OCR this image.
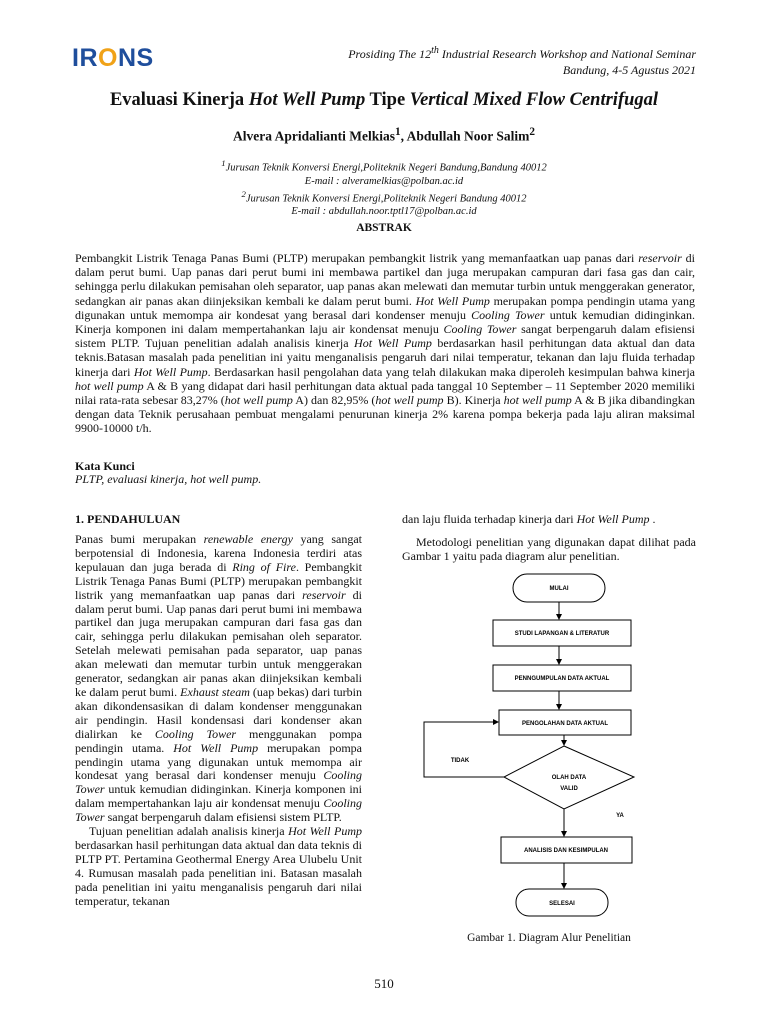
IRONS	Prosiding The 12th Industrial Research Workshop and National Seminar
Bandung, 4-5 Agustus 2021
Evaluasi Kinerja Hot Well Pump Tipe Vertical Mixed Flow Centrifugal
Alvera Apridalianti Melkias$^1$, Abdullah Noor Salim$^2$
$^1$Jurusan Teknik Konversi Energi,Politeknik Negeri Bandung,Bandung 40012
E-mail : alveramelkias@polban.ac.id
$^2$Jurusan Teknik Konversi Energi,Politeknik Negeri Bandung 40012
E-mail : abdullah.noor.tptl17@polban.ac.id
ABSTRAK

Pembangkit Listrik Tenaga Panas Bumi (PLTP) merupakan pembangkit listrik yang memanfaatkan uap panas dari reservoir di dalam perut bumi. Uap panas dari perut bumi ini membawa partikel dan juga merupakan campuran dari fasa gas dan cair, sehingga perlu dilakukan pemisahan oleh separator, uap panas akan melewati dan memutar turbin untuk menggerakan generator, sedangkan air panas akan diinjeksikan kembali ke dalam perut bumi. Hot Well Pump merupakan pompa pendingin utama yang digunakan untuk memompa air kondesat yang berasal dari kondenser menuju Cooling Tower untuk kemudian didinginkan. Kinerja komponen ini dalam mempertahankan laju air kondensat menuju Cooling Tower sangat berpengaruh dalam efisiensi sistem PLTP. Tujuan penelitian adalah analisis kinerja Hot Well Pump berdasarkan hasil perhitungan data aktual dan data teknis.Batasan masalah pada penelitian ini yaitu menganalisis pengaruh dari nilai temperatur, tekanan dan laju fluida terhadap kinerja dari Hot Well Pump. Berdasarkan hasil pengolahan data yang telah dilakukan maka diperoleh kesimpulan bahwa kinerja hot well pump A & B yang didapat dari hasil perhitungan data aktual pada tanggal 10 September – 11 September 2020 memiliki nilai rata-rata sebesar 83,27% (hot well pump A) dan 82,95% (hot well pump B). Kinerja hot well pump A & B jika dibandingkan dengan data Teknik perusahaan pembuat mengalami penurunan kinerja 2% karena pompa bekerja pada laju aliran maksimal 9900-10000 t/h.

Kata Kunci
PLTP, evaluasi kinerja, hot well pump.
1. PENDAHULUAN

Panas bumi merupakan renewable energy yang sangat berpotensial di Indonesia, karena Indonesia terdiri atas kepulauan dan juga berada di Ring of Fire. Pembangkit Listrik Tenaga Panas Bumi (PLTP) merupakan pembangkit listrik yang memanfaatkan uap panas dari reservoir di dalam perut bumi. Uap panas dari perut bumi ini membawa partikel dan juga merupakan campuran dari fasa gas dan cair, sehingga perlu dilakukan pemisahan oleh separator. Setelah melewati pemisahan pada separator, uap panas akan melewati dan memutar turbin untuk menggerakan generator, sedangkan air panas akan diinjeksikan kembali ke dalam perut bumi. Exhaust steam (uap bekas) dari turbin akan dikondensasikan di dalam kondenser menggunakan air pendingin. Hasil kondensasi dari kondenser akan dialirkan ke Cooling Tower menggunakan pompa pendingin utama. Hot Well Pump merupakan pompa pendingin utama yang digunakan untuk memompa air kondesat yang berasal dari kondenser menuju Cooling Tower untuk kemudian didinginkan. Kinerja komponen ini dalam mempertahankan laju air kondensat menuju Cooling Tower sangat berpengaruh dalam efisiensi sistem PLTP.

Tujuan penelitian adalah analisis kinerja Hot Well Pump berdasarkan hasil perhitungan data aktual dan data teknis di PLTP PT. Pertamina Geothermal Energy Area Ulubelu Unit 4. Rumusan masalah pada penelitian ini. Batasan masalah pada penelitian ini yaitu menganalisis pengaruh dari nilai temperatur, tekanan

dan laju fluida terhadap kinerja dari Hot Well Pump .

Metodologi penelitian yang digunakan dapat dilihat pada Gambar 1 yaitu pada diagram alur penelitian.

MULAI
STUDI LAPANGAN & LITERATUR
PENNGUMPULAN DATA AKTUAL
PENGOLAHAN DATA AKTUAL
OLAH DATA
VALID
TIDAK
YA
ANALISIS DAN KESIMPULAN
SELESAI
Gambar 1. Diagram Alur Penelitian
510
